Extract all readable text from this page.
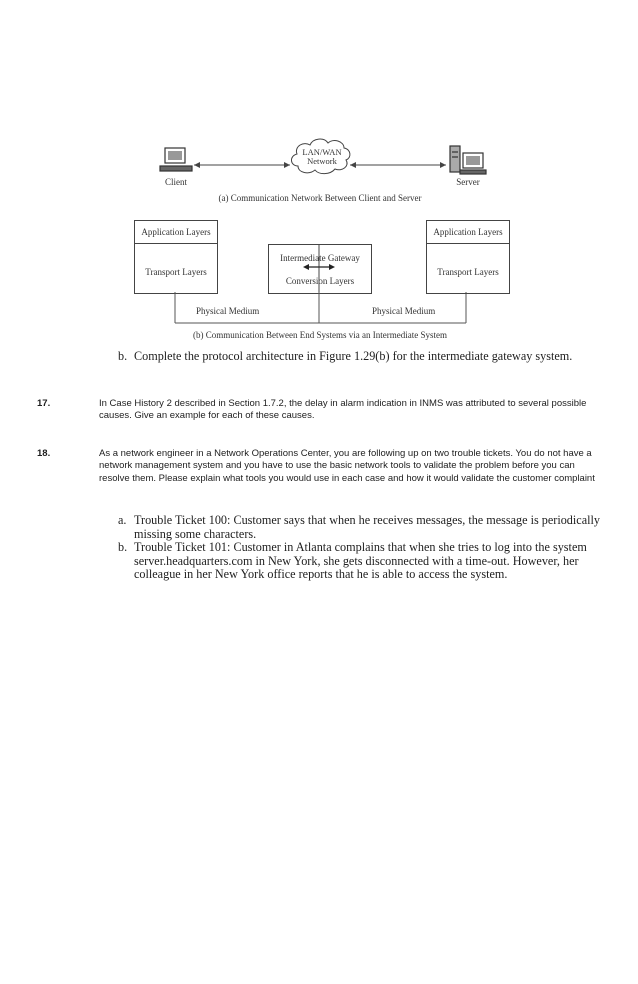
LAN/WAN
Network
Client	Server
(a) Communication Network Between Client and Server
Application Layers
Transport Layers
Intermediate Gateway
Conversion Layers
Application Layers
Transport Layers
Physical Medium	Physical Medium
(b) Communication Between End Systems via an Intermediate System
b. Complete the protocol architecture in Figure 1.29(b) for the intermediate gateway system.
17.	In Case History 2 described in Section 1.7.2, the delay in alarm indication in INMS was attributed to several possible causes. Give an example for each of these causes.
18.	As a network engineer in a Network Operations Center, you are following up on two trouble tickets. You do not have a network management system and you have to use the basic network tools to validate the problem before you can resolve them. Please explain what tools you would use in each case and how it would validate the customer complaint
a. Trouble Ticket 100: Customer says that when he receives messages, the message is periodically missing some characters.
b. Trouble Ticket 101: Customer in Atlanta complains that when she tries to log into the system server.headquarters.com in New York, she gets disconnected with a time-out. However, her colleague in her New York office reports that he is able to access the system.
